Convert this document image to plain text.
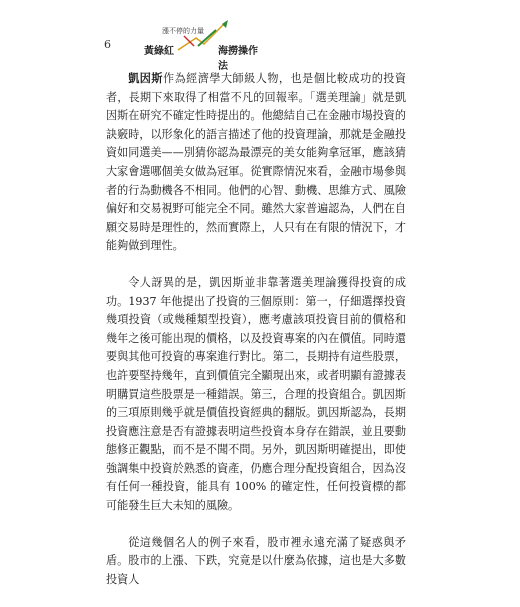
6
漲不停的力量
黃綠紅	海撈操作法

凱因斯作為經濟學大師級人物，也是個比較成功的投資者，長期下來取得了相當不凡的回報率。「選美理論」就是凱因斯在研究不確定性時提出的。他總結自己在金融市場投資的訣竅時，以形象化的語言描述了他的投資理論，那就是金融投資如同選美——別猜你認為最漂亮的美女能夠拿冠軍，應該猜大家會選哪個美女做為冠軍。從實際情況來看，金融市場參與者的行為動機各不相同。他們的心智、動機、思維方式、風險偏好和交易視野可能完全不同。雖然大家普遍認為，人們在自願交易時是理性的，然而實際上，人只有在有限的情況下，才能夠做到理性。

令人訝異的是，凱因斯並非靠著選美理論獲得投資的成功。1937 年他提出了投資的三個原則：第一，仔細選擇投資幾項投資（或幾種類型投資），應考慮該項投資目前的價格和幾年之後可能出現的價格，以及投資專案的內在價值。同時還要與其他可投資的專案進行對比。第二，長期持有這些股票，也許要堅持幾年，直到價值完全顯現出來，或者明顯有證據表明購買這些股票是一種錯誤。第三，合理的投資組合。凱因斯的三項原則幾乎就是價值投資經典的翻版。凱因斯認為，長期投資應注意是否有證據表明這些投資本身存在錯誤，並且要動態修正觀點，而不是不聞不問。另外，凱因斯明確提出，即使強調集中投資於熟悉的資產，仍應合理分配投資組合，因為沒有任何一種投資，能具有 100% 的確定性，任何投資標的都可能發生巨大未知的風險。

從這幾個名人的例子來看，股市裡永遠充滿了疑惑與矛盾。股市的上漲、下跌，究竟是以什麼為依據，這也是大多數投資人
